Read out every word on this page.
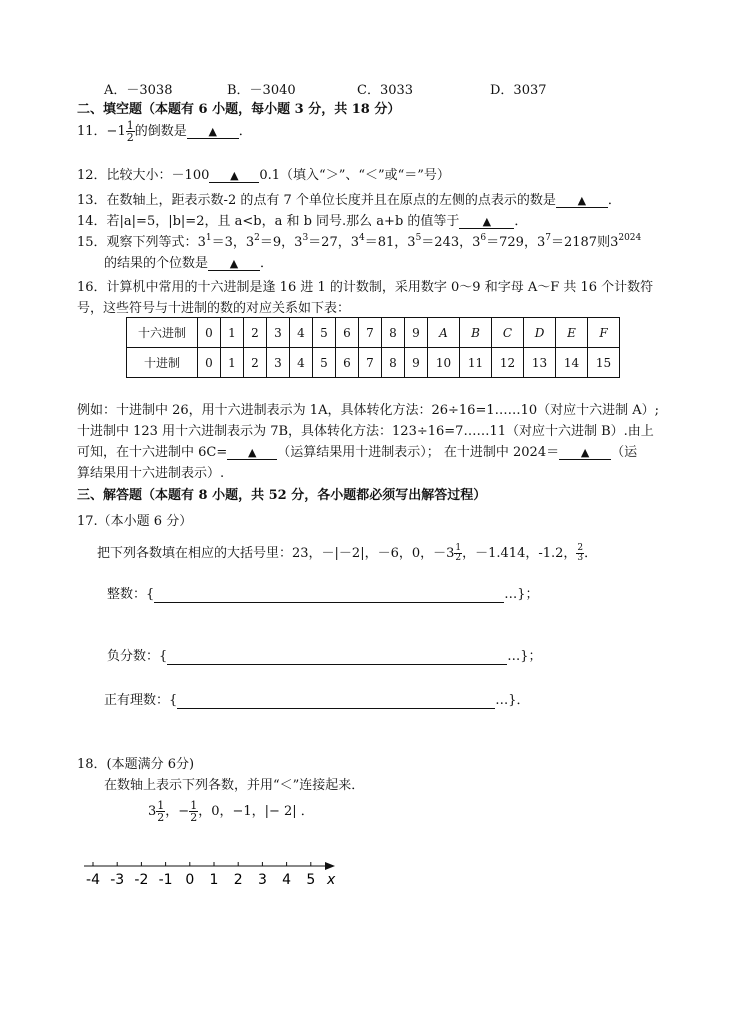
A．－3038	B．－3040	C．3033	D．3037
二、填空题（本题有 6 小题，每小题 3 分，共 18 分）
11．$-1 \frac{1}{2}$ 的倒数是 ▲ ．
12．比较大小：－100 ▲ 0.1（填入“＞”、“＜”或“＝”号）
13．在数轴上，距表示数-2 的点有 7 个单位长度并且在原点的左侧的点表示的数是 ▲ ．
14．若|a|=5，|b|=2，且 a<b，a 和 b 同号.那么 a+b 的值等于 ▲ ．
15．观察下列等式：$3^1=3$，$3^2=9$，$3^3=27$，$3^4=81$，$3^5=243$，$3^6=729$，$3^7=2187$则$3^{2024}$
的结果的个位数是 ▲ ．
16．计算机中常用的十六进制是逢 16 进 1 的计数制，采用数字 0～9 和字母 A～F 共 16 个计数符
号，这些符号与十进制的数的对应关系如下表：
十六进制	0	1	2	3	4	5	6	7	8	9	A	B	C	D	E	F
十进制	0	1	2	3	4	5	6	7	8	9	10	11	12	13	14	15
例如：十进制中 26，用十六进制表示为 1A，具体转化方法：26÷16=1……10（对应十六进制 A）;
十进制中 123 用十六进制表示为 7B，具体转化方法：123÷16=7……11（对应十六进制 B）.由上
可知，在十六进制中 6C= ▲ （运算结果用十进制表示）； 在十进制中 2024＝ ▲ （运
算结果用十六进制表示）.
三、解答题（本题有 8 小题，共 52 分，各小题都必须写出解答过程）
17.（本小题 6 分）
把下列各数填在相应的大括号里：23，－|－2|，－6，0，$-3 \frac{1}{2}$ ，－1.414，-1.2， $\frac{2}{3}$ ．
整数：{	…}；
负分数：{	…}；
正有理数：{	…}．
18．(本题满分 6分)
在数轴上表示下列各数，并用“＜”连接起来．
$3 \frac{1}{2}$ ，− $\frac{1}{2}$ ，0，−1，|− 2| ．
-4 -3 -2 -1 0 1 2 3 4 5 x
